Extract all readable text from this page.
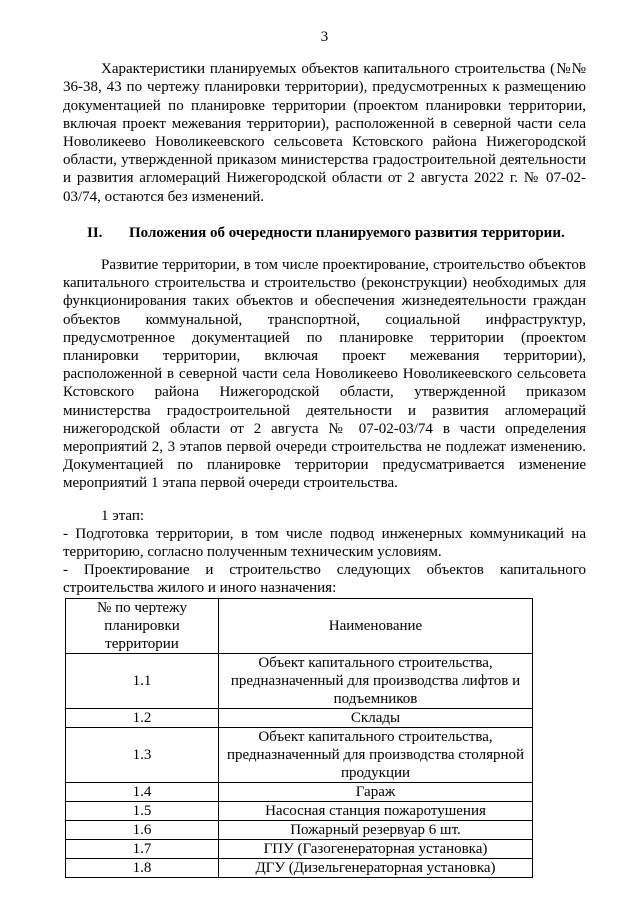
3

Характеристики планируемых объектов капитального строительства (№№ 36-38, 43 по чертежу планировки территории), предусмотренных к размещению документацией по планировке территории (проектом планировки территории, включая проект межевания территории), расположенной в северной части села Новоликеево Новоликеевского сельсовета Кстовского района Нижегородской области, утвержденной приказом министерства градостроительной деятельности и развития агломераций Нижегородской области от 2 августа 2022 г. № 07-02-03/74, остаются без изменений.

II.	Положения об очередности планируемого развития территории.

Развитие территории, в том числе проектирование, строительство объектов капитального строительства и строительство (реконструкции) необходимых для функционирования таких объектов и обеспечения жизнедеятельности граждан объектов коммунальной, транспортной, социальной инфраструктур, предусмотренное документацией по планировке территории (проектом планировки территории, включая проект межевания территории), расположенной в северной части села Новоликеево Новоликеевского сельсовета Кстовского района Нижегородской области, утвержденной приказом министерства градостроительной деятельности и развития агломераций нижегородской области от 2 августа № 07-02-03/74 в части определения мероприятий 2, 3 этапов первой очереди строительства не подлежат изменению. Документацией по планировке территории предусматривается изменение мероприятий 1 этапа первой очереди строительства.

1 этап:
- Подготовка территории, в том числе подвод инженерных коммуникаций на территорию, согласно полученным техническим условиям.
- Проектирование и строительство следующих объектов капитального строительства жилого и иного назначения:
№ по чертежу планировки территории	Наименование
1.1	Объект капитального строительства, предназначенный для производства лифтов и подъемников
1.2	Склады
1.3	Объект капитального строительства, предназначенный для производства столярной продукции
1.4	Гараж
1.5	Насосная станция пожаротушения
1.6	Пожарный резервуар 6 шт.
1.7	ГПУ (Газогенераторная установка)
1.8	ДГУ (Дизельгенераторная установка)
